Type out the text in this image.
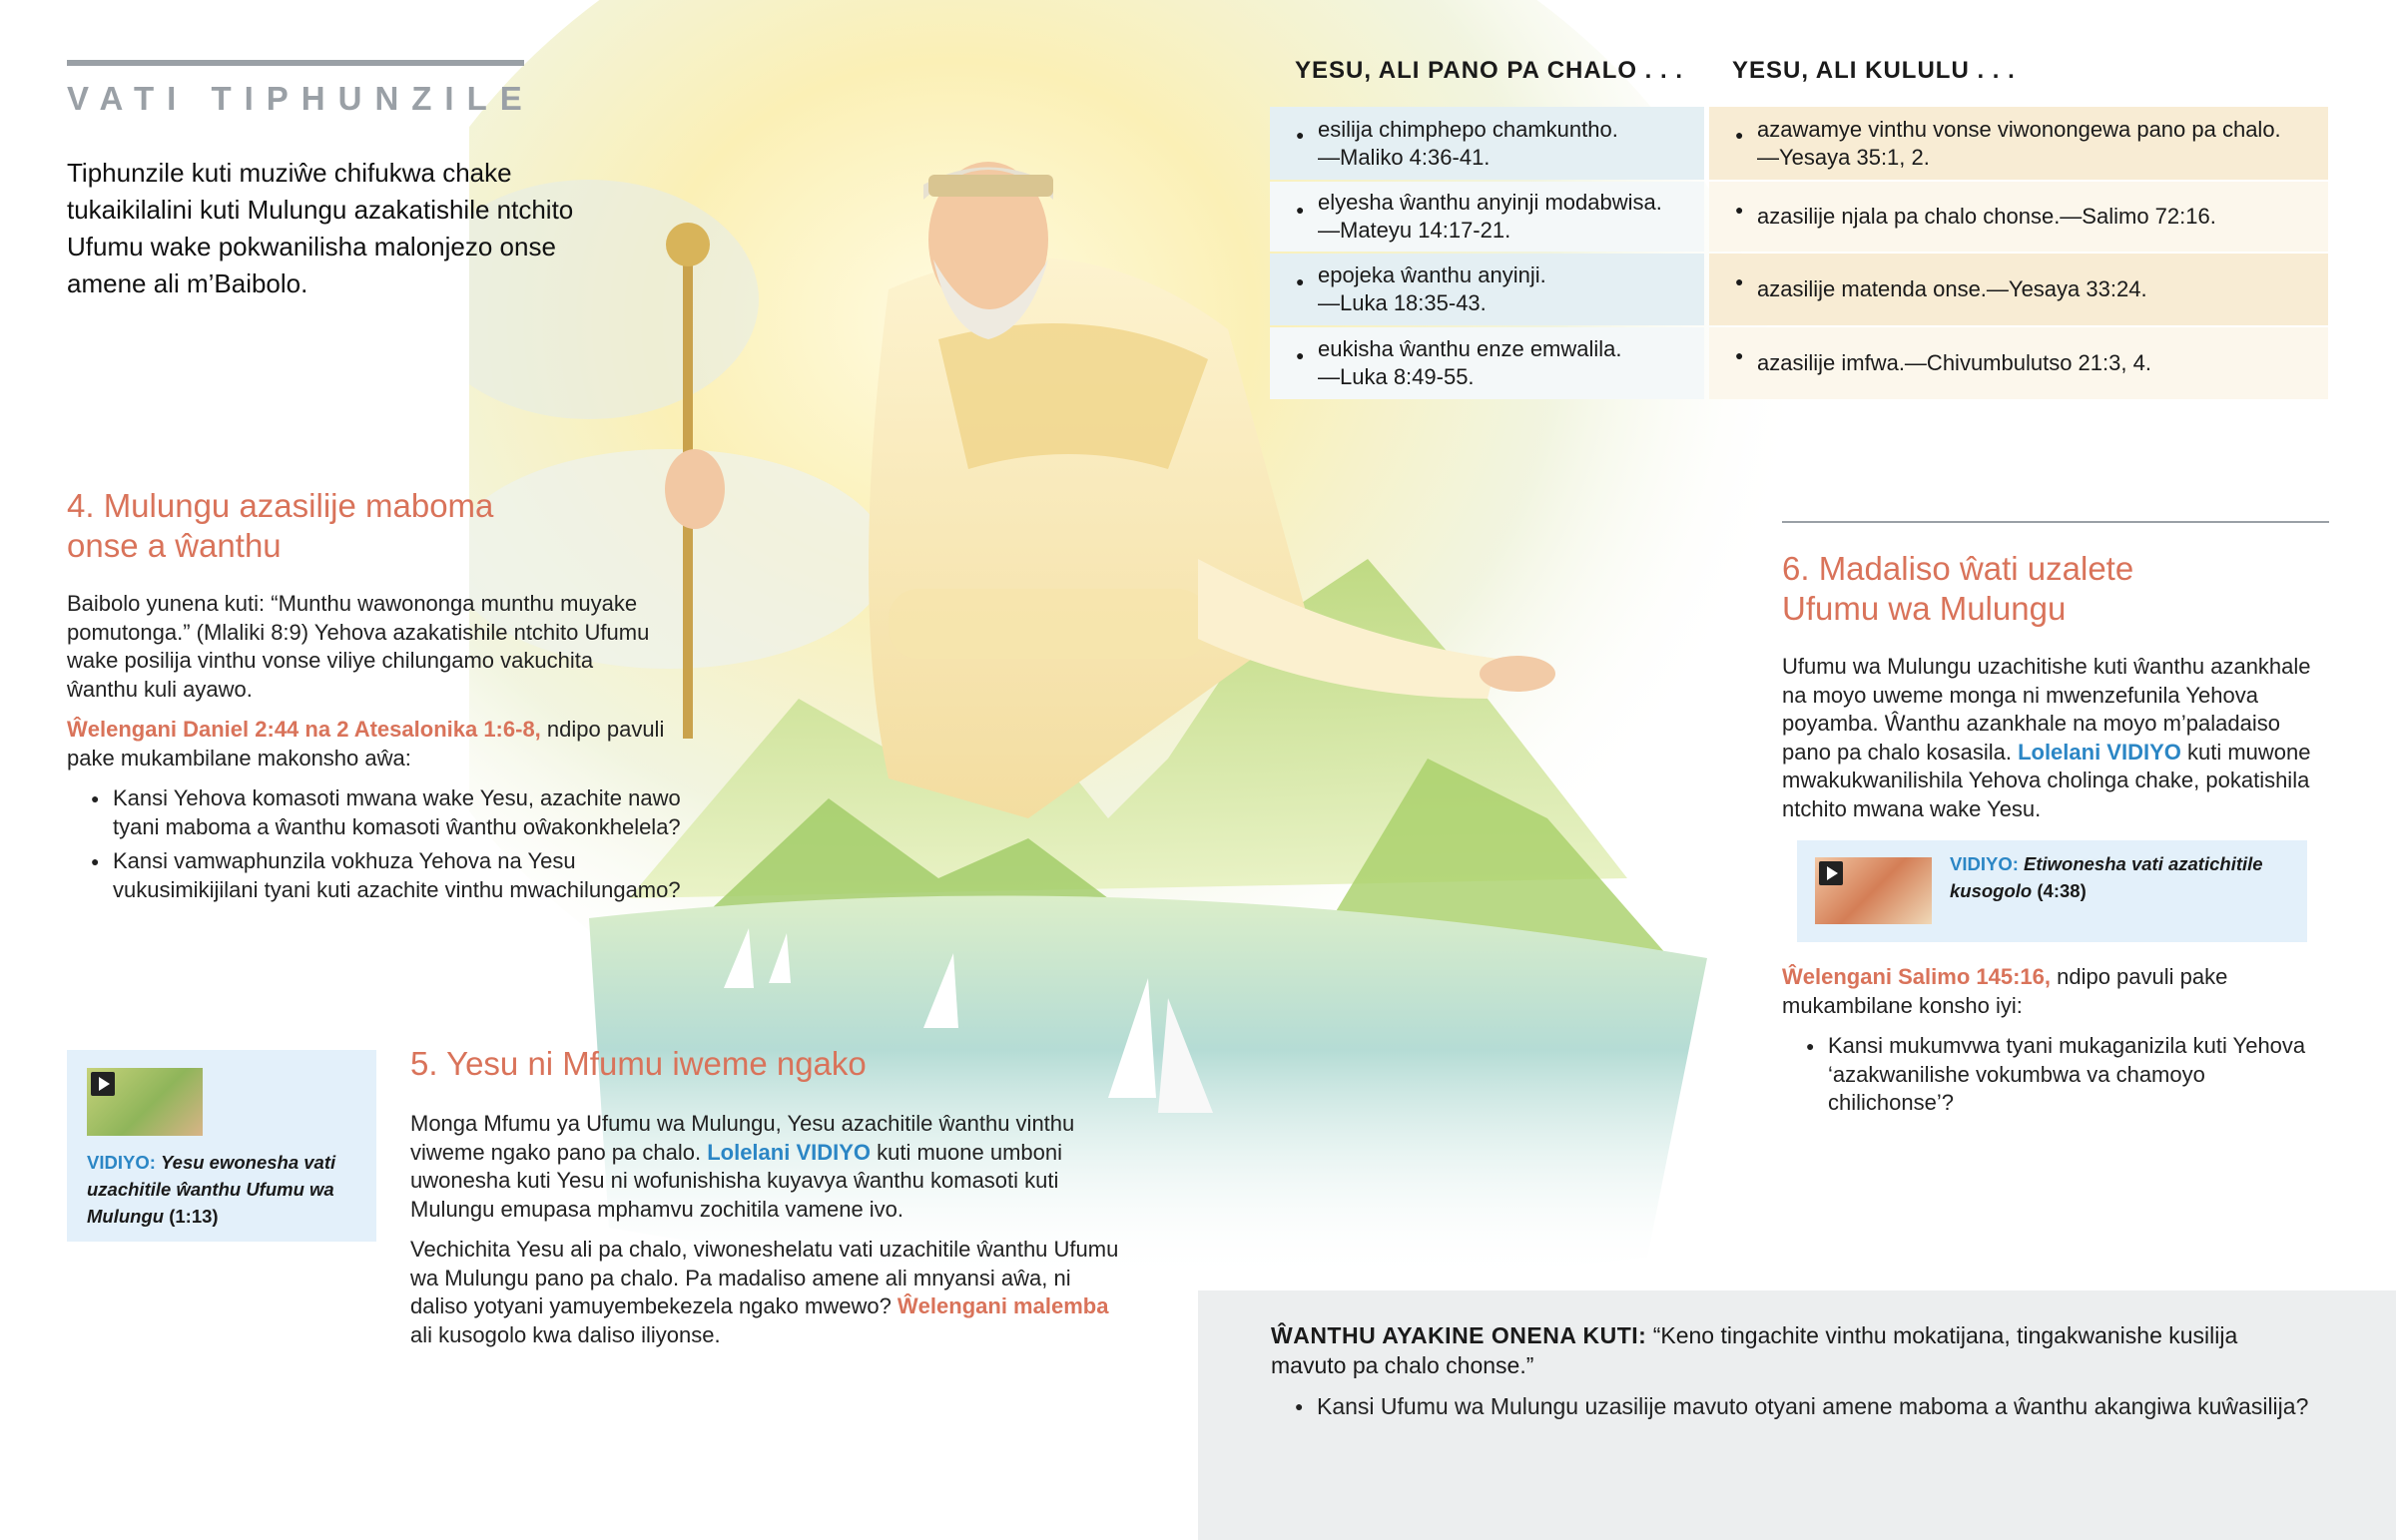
VATI TIPHUNZILE
Tiphunzile kuti muziŵe chifukwa chake tukaikilalini kuti Mulungu azakatishile ntchito Ufumu wake pokwanilisha malonjezo onse amene ali m’Baibolo.
YESU, ALI PANO PA CHALO . . . YESU, ALI KULULU . . .
● esilija chimphepo chamkuntho.
—Maliko 4:36-41.
● azawamye vinthu vonse viwonongewa pano pa chalo.
—Yesaya 35:1, 2.
● elyesha ŵanthu anyinji modabwisa.
—Mateyu 14:17-21.
● azasilije njala pa chalo chonse.—Salimo 72:16.
● epojeka ŵanthu anyinji.
—Luka 18:35-43.
● azasilije matenda onse.—Yesaya 33:24.
● eukisha ŵanthu enze emwalila.
—Luka 8:49-55.
● azasilije imfwa.—Chivumbulutso 21:3, 4.
4. Mulungu azasilije maboma
onse a ŵanthu

Baibolo yunena kuti: “Munthu wawononga munthu muyake pomutonga.” (Mlaliki 8:9) Yehova azakatishile ntchito Ufumu wake posilija vinthu vonse viliye chilungamo vakuchita ŵanthu kuli ayawo.

Ŵelengani Daniel 2:44 na 2 Atesalonika 1:6-8, ndipo pavuli pake mukambilane makonsho aŵa:

● Kansi Yehova komasoti mwana wake Yesu, azachite nawo tyani maboma a ŵanthu komasoti ŵanthu oŵakonkhelela?
● Kansi vamwaphunzila vokhuza Yehova na Yesu vukusimikijilani tyani kuti azachite vinthu mwachilungamo?
VIDIYO: Yesu ewonesha vati uzachitile ŵanthu Ufumu wa Mulungu (1:13)
5. Yesu ni Mfumu iweme ngako

Monga Mfumu ya Ufumu wa Mulungu, Yesu azachitile ŵanthu vinthu viweme ngako pano pa chalo. Lolelani VIDIYO kuti muone umboni uwonesha kuti Yesu ni wofunishisha kuyavya ŵanthu komasoti kuti Mulungu emupasa mphamvu zochitila vamene ivo.

Vechichita Yesu ali pa chalo, viwoneshelatu vati uzachitile ŵanthu Ufumu wa Mulungu pano pa chalo. Pa madaliso amene ali mnyansi aŵa, ni daliso yotyani yamuyembekezela ngako mwewo? Ŵelengani malemba ali kusogolo kwa daliso iliyonse.

6. Madaliso ŵati uzalete
Ufumu wa Mulungu

Ufumu wa Mulungu uzachitishe kuti ŵanthu azankhale na moyo uweme monga ni mwenzefunila Yehova poyamba. Ŵanthu azankhale na moyo m’paladaiso pano pa chalo kosasila. Lolelani VIDIYO kuti muwone mwakukwanilishila Yehova cholinga chake, pokatishila ntchito mwana wake Yesu.

VIDIYO: Etiwonesha vati azatichitile kusogolo (4:38)

Ŵelengani Salimo 145:16, ndipo pavuli pake mukambilane konsho iyi:

● Kansi mukumvwa tyani mukaganizila kuti Yehova ‘azakwanilishe vokumbwa va chamoyo chilichonse’?
ŴANTHU AYAKINE ONENA KUTI: “Keno tingachite vinthu mokatijana, tingakwanishe kusilija mavuto pa chalo chonse.”
● Kansi Ufumu wa Mulungu uzasilije mavuto otyani amene maboma a ŵanthu akangiwa kuŵasilija?
